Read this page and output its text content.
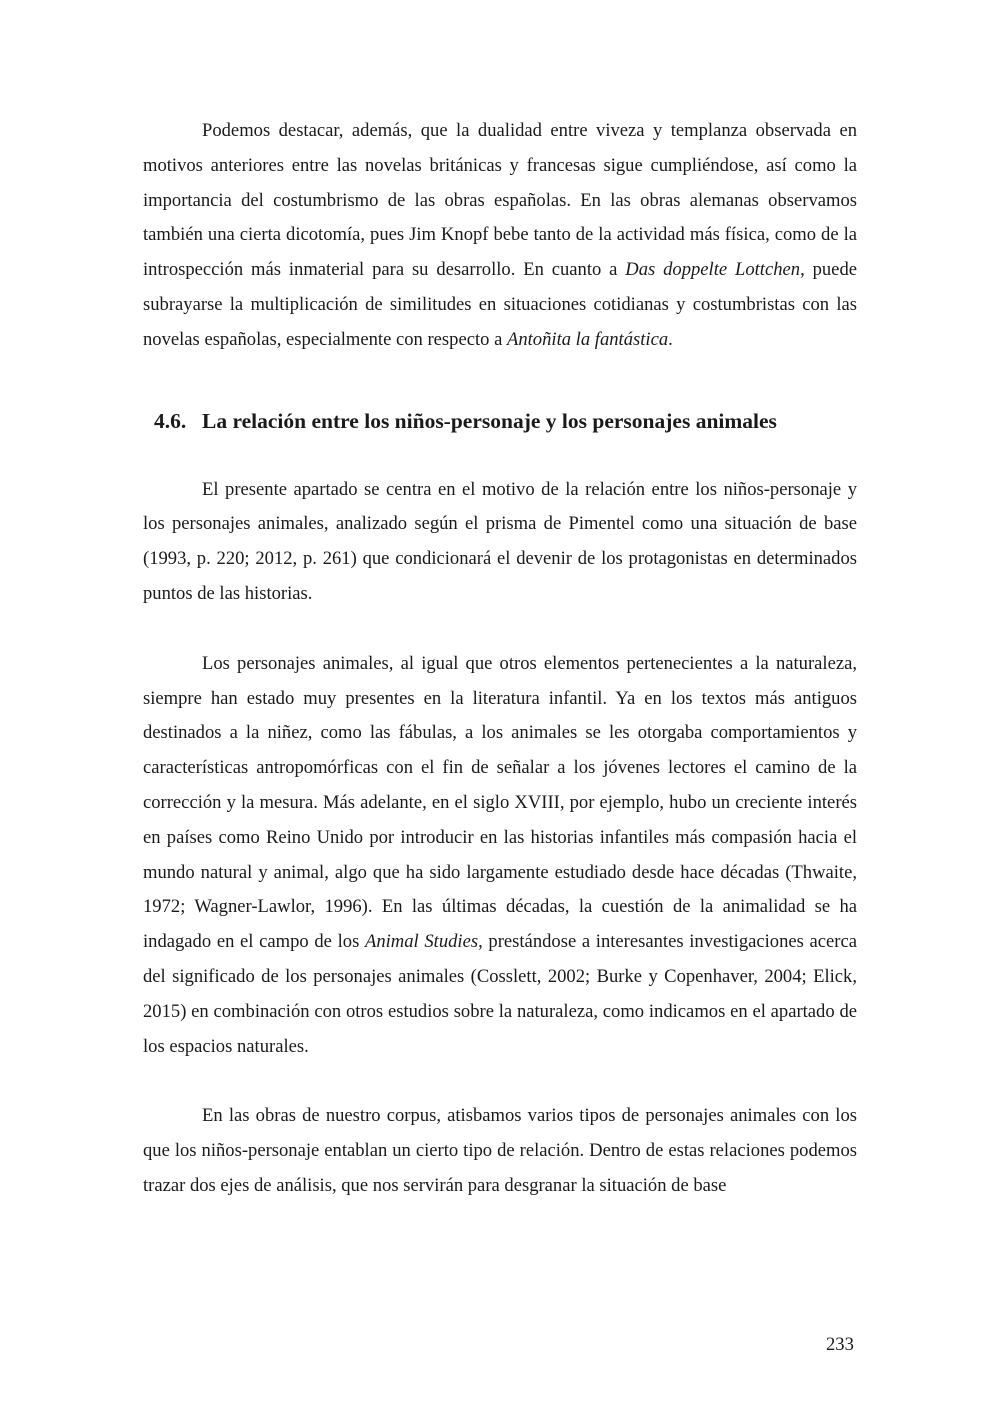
Podemos destacar, además, que la dualidad entre viveza y templanza observada en motivos anteriores entre las novelas británicas y francesas sigue cumpliéndose, así como la importancia del costumbrismo de las obras españolas. En las obras alemanas observamos también una cierta dicotomía, pues Jim Knopf bebe tanto de la actividad más física, como de la introspección más inmaterial para su desarrollo. En cuanto a Das doppelte Lottchen, puede subrayarse la multiplicación de similitudes en situaciones cotidianas y costumbristas con las novelas españolas, especialmente con respecto a Antoñita la fantástica.

4.6. La relación entre los niños-personaje y los personajes animales

El presente apartado se centra en el motivo de la relación entre los niños-personaje y los personajes animales, analizado según el prisma de Pimentel como una situación de base (1993, p. 220; 2012, p. 261) que condicionará el devenir de los protagonistas en determinados puntos de las historias.

Los personajes animales, al igual que otros elementos pertenecientes a la naturaleza, siempre han estado muy presentes en la literatura infantil. Ya en los textos más antiguos destinados a la niñez, como las fábulas, a los animales se les otorgaba comportamientos y características antropomórficas con el fin de señalar a los jóvenes lectores el camino de la corrección y la mesura. Más adelante, en el siglo XVIII, por ejemplo, hubo un creciente interés en países como Reino Unido por introducir en las historias infantiles más compasión hacia el mundo natural y animal, algo que ha sido largamente estudiado desde hace décadas (Thwaite, 1972; Wagner-Lawlor, 1996). En las últimas décadas, la cuestión de la animalidad se ha indagado en el campo de los Animal Studies, prestándose a interesantes investigaciones acerca del significado de los personajes animales (Cosslett, 2002; Burke y Copenhaver, 2004; Elick, 2015) en combinación con otros estudios sobre la naturaleza, como indicamos en el apartado de los espacios naturales.

En las obras de nuestro corpus, atisbamos varios tipos de personajes animales con los que los niños-personaje entablan un cierto tipo de relación. Dentro de estas relaciones podemos trazar dos ejes de análisis, que nos servirán para desgranar la situación de base

233
